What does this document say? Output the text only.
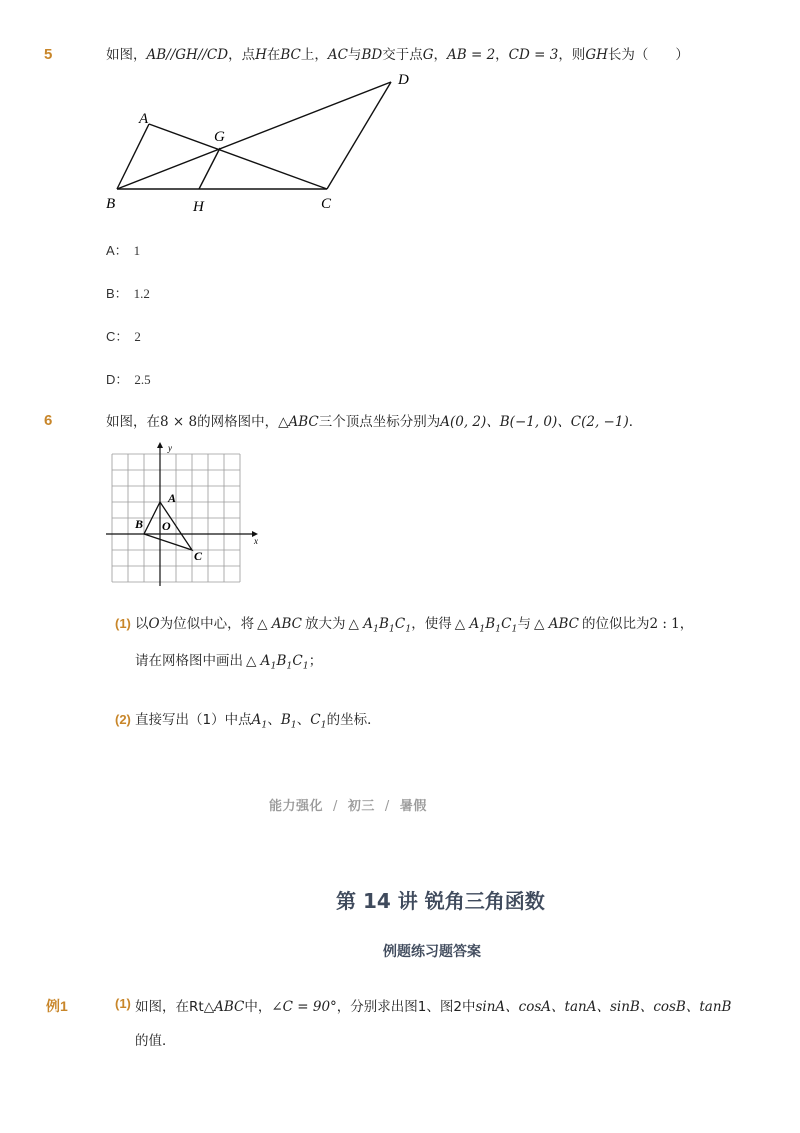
5	如图，AB//GH//CD，点H在BC上，AC与BD交于点G，AB = 2，CD = 3，则GH长为（　　）
A
B	C
D
G
H
A： 1
B： 1.2
C： 2
D： 2.5
6	如图，在8 × 8的网格图中，△ABC三个顶点坐标分别为A(0, 2)、B(−1, 0)、C(2, −1)．
x
y
A
B
C
O
(1) 以O为位似中心，将 △ ABC 放大为 △ $A_1B_1C_1$，使得 △ $A_1B_1C_1$与 △ ABC 的位似比为2 : 1，
请在网格图中画出 △ $A_1B_1C_1$；
(2) 直接写出（1）中点$A_1$、$B_1$、$C_1$的坐标．
能力强化 / 初三 / 暑假
第 14 讲 锐角三角函数
例题练习题答案
例1	(1) 如图，在Rt△ABC中，∠C = 90°，分别求出图1、图2中sinA、cosA、tanA、sinB、cosB、tanB
的值．
